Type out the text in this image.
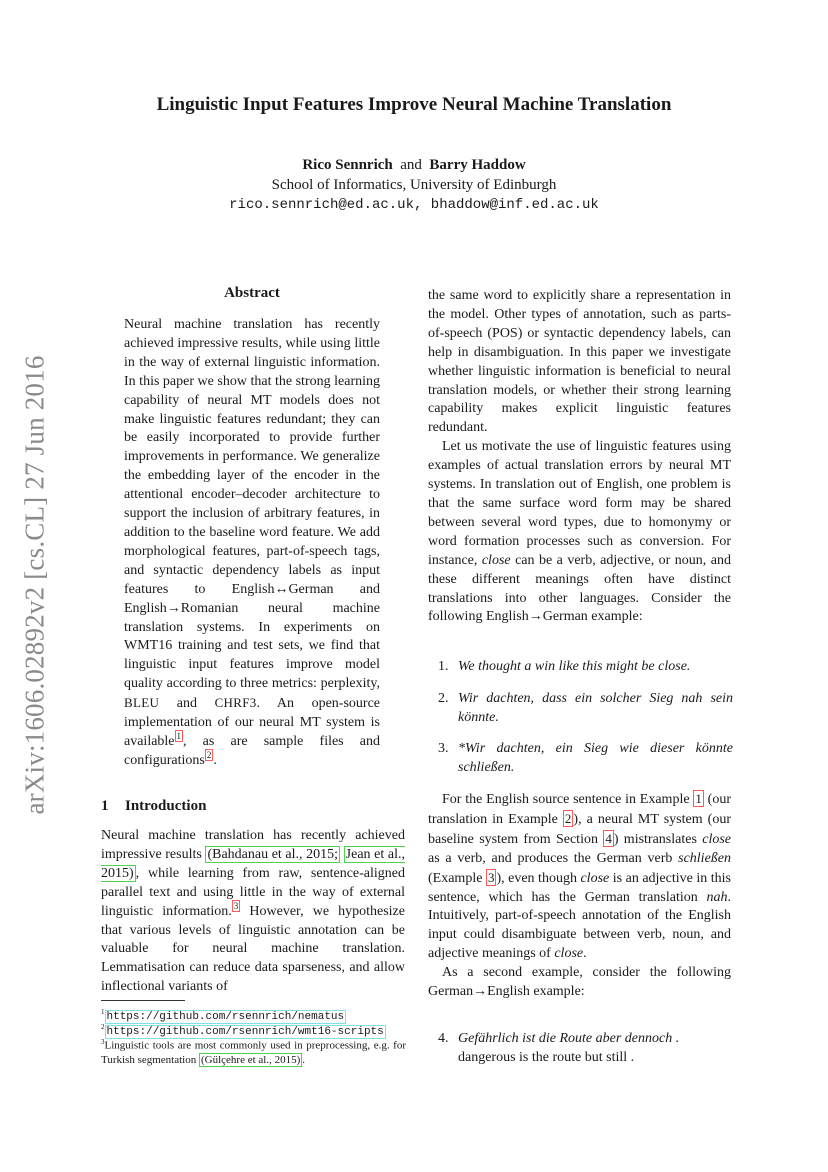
arXiv:1606.02892v2 [cs.CL] 27 Jun 2016
Linguistic Input Features Improve Neural Machine Translation
Rico Sennrich and Barry Haddow
School of Informatics, University of Edinburgh
rico.sennrich@ed.ac.uk, bhaddow@inf.ed.ac.uk
Abstract

Neural machine translation has recently achieved impressive results, while using little in the way of external linguistic information. In this paper we show that the strong learning capability of neural MT models does not make linguistic features redundant; they can be easily incorporated to provide further improvements in performance. We generalize the embedding layer of the encoder in the attentional encoder–decoder architecture to support the inclusion of arbitrary features, in addition to the baseline word feature. We add morphological features, part-of-speech tags, and syntactic dependency labels as input features to English↔German and English→Romanian neural machine translation systems. In experiments on WMT16 training and test sets, we find that linguistic input features improve model quality according to three metrics: perplexity, BLEU and CHRF3. An open-source implementation of our neural MT system is available $^1$ , as are sample files and configurations $^2$ .

1 Introduction

Neural machine translation has recently achieved impressive results (Bahdanau et al., 2015; Jean et al., 2015) , while learning from raw, sentence-aligned parallel text and using little in the way of external linguistic information. $^3$ However, we hypothesize that various levels of linguistic annotation can be valuable for neural machine translation. Lemmatisation can reduce data sparseness, and allow inflectional variants of

$^1$ https://github.com/rsennrich/nematus
$^2$ https://github.com/rsennrich/wmt16-scripts
$^3$Linguistic tools are most commonly used in preprocessing, e.g. for Turkish segmentation (Gülçehre et al., 2015) .

the same word to explicitly share a representation in the model. Other types of annotation, such as parts-of-speech (POS) or syntactic dependency labels, can help in disambiguation. In this paper we investigate whether linguistic information is beneficial to neural translation models, or whether their strong learning capability makes explicit linguistic features redundant.

Let us motivate the use of linguistic features using examples of actual translation errors by neural MT systems. In translation out of English, one problem is that the same surface word form may be shared between several word types, due to homonymy or word formation processes such as conversion. For instance, close can be a verb, adjective, or noun, and these different meanings often have distinct translations into other languages. Consider the following English→German example:

1. We thought a win like this might be close.
2. Wir dachten, dass ein solcher Sieg nah sein könnte.
3. *Wir dachten, ein Sieg wie dieser könnte schließen.

For the English source sentence in Example 1 (our translation in Example 2 ), a neural MT system (our baseline system from Section 4 ) mistranslates close as a verb, and produces the German verb schließen (Example 3 ), even though close is an adjective in this sentence, which has the German translation nah. Intuitively, part-of-speech annotation of the English input could disambiguate between verb, noun, and adjective meanings of close.

As a second example, consider the following German→English example:

4. Gefährlich ist die Route aber dennoch .
dangerous is the route but still .
